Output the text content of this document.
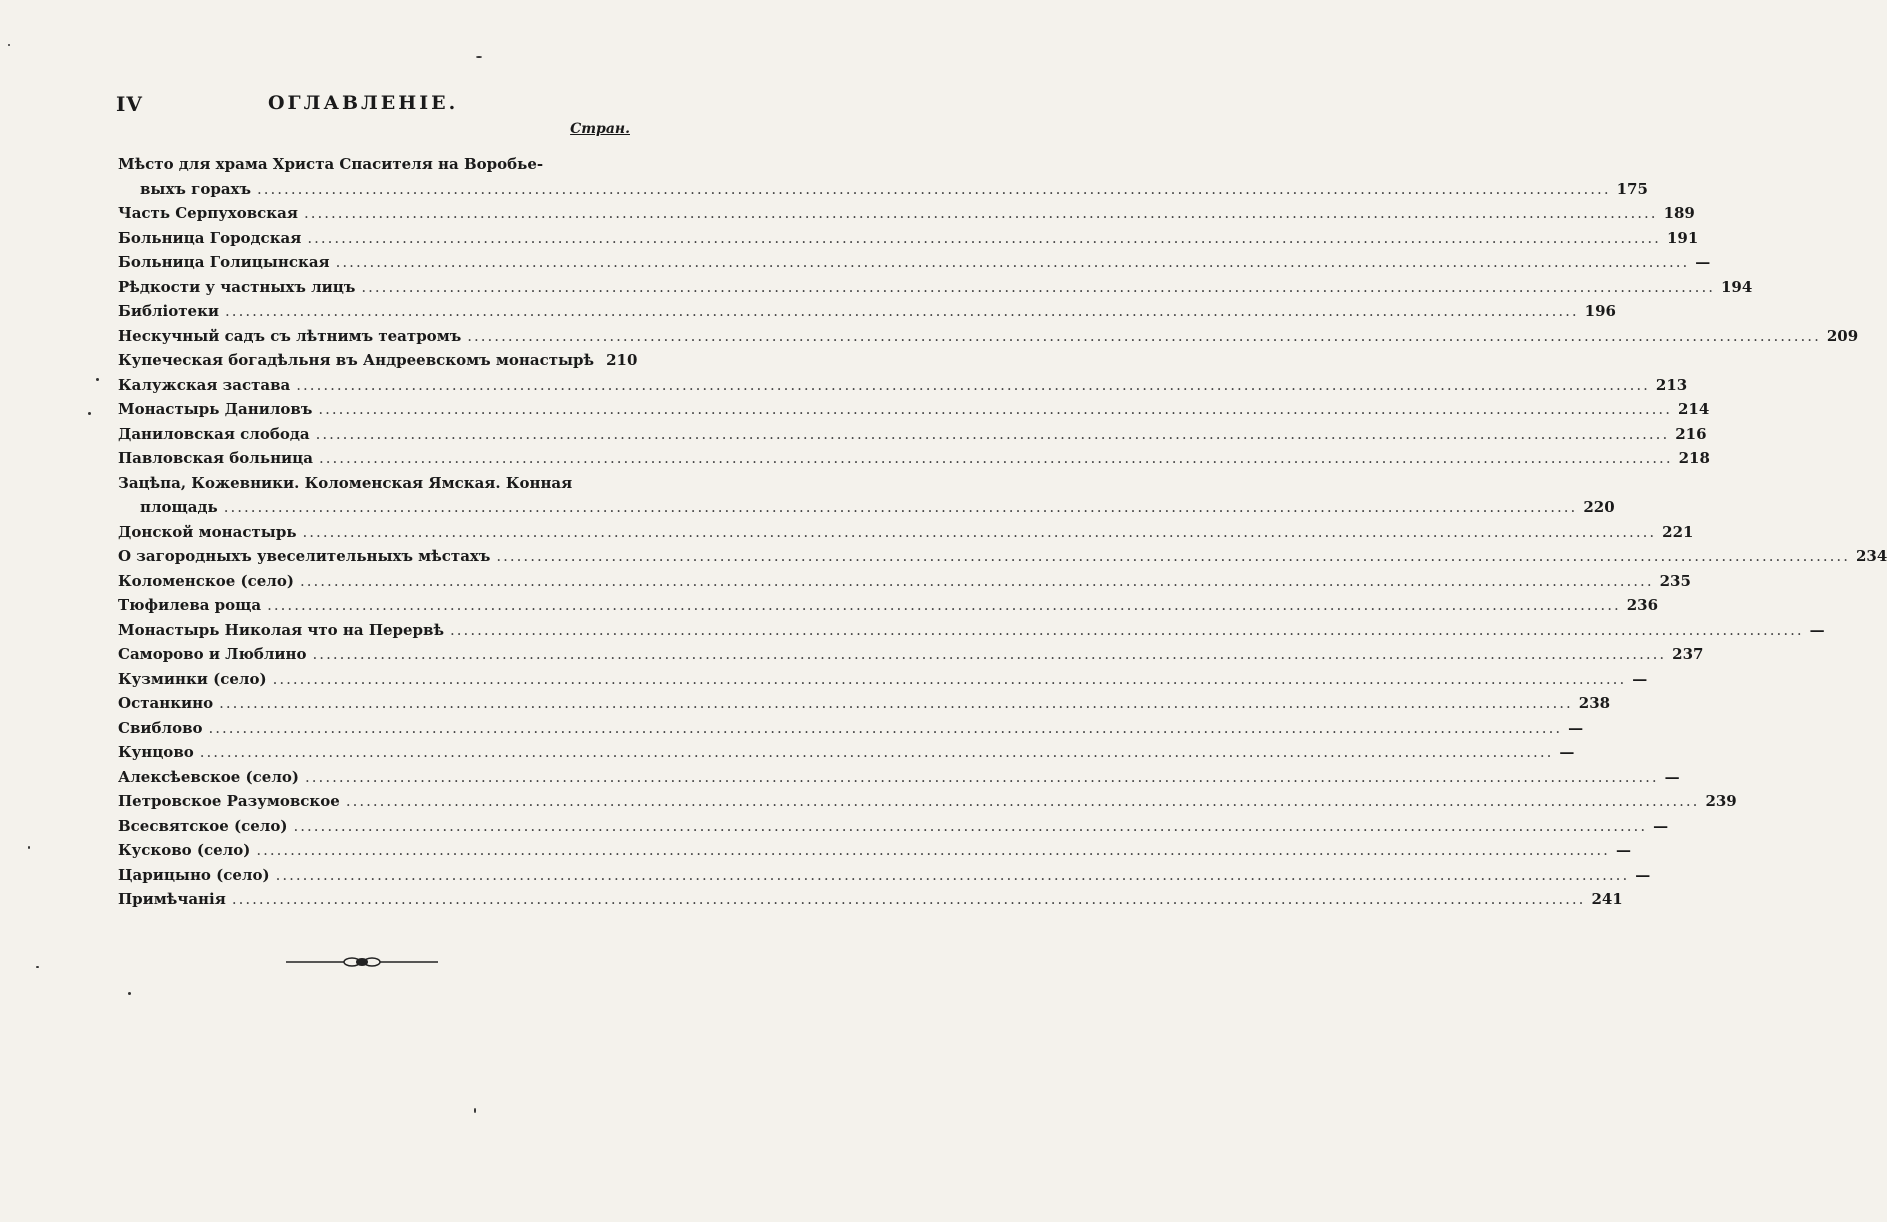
IV	ОГЛАВЛЕНІЕ.
Стран.
Мѣсто для храма Христа Спасителя на Воробье-
выхъ горахъ ........................................................................................................................................................................................................ 175
Часть Серпуховская ........................................................................................................................................................................................................ 189
Больница Городская ........................................................................................................................................................................................................ 191
Больница Голицынская ........................................................................................................................................................................................................ —
Рѣдкости у частныхъ лицъ ........................................................................................................................................................................................................ 194
Библіотеки ........................................................................................................................................................................................................ 196
Нескучный садъ съ лѣтнимъ театромъ ........................................................................................................................................................................................................ 209
Купеческая богадѣльня въ Андреевскомъ монастырѣ 210
Калужская застава ........................................................................................................................................................................................................ 213
Монастырь Даниловъ ........................................................................................................................................................................................................ 214
Даниловская слобода ........................................................................................................................................................................................................ 216
Павловская больница ........................................................................................................................................................................................................ 218
Зацѣпа, Кожевники. Коломенская Ямская. Конная
площадь ........................................................................................................................................................................................................ 220
Донской монастырь ........................................................................................................................................................................................................ 221
О загородныхъ увеселительныхъ мѣстахъ ........................................................................................................................................................................................................ 234
Коломенское (село) ........................................................................................................................................................................................................ 235
Тюфилева роща ........................................................................................................................................................................................................ 236
Монастырь Николая что на Перервѣ ........................................................................................................................................................................................................ —
Саморово и Люблино ........................................................................................................................................................................................................ 237
Кузминки (село) ........................................................................................................................................................................................................ —
Останкино ........................................................................................................................................................................................................ 238
Свиблово ........................................................................................................................................................................................................ —
Кунцово ........................................................................................................................................................................................................ —
Алексѣевское (село) ........................................................................................................................................................................................................ —
Петровское Разумовское ........................................................................................................................................................................................................ 239
Всесвятское (село) ........................................................................................................................................................................................................ —
Кусково (село) ........................................................................................................................................................................................................ —
Царицыно (село) ........................................................................................................................................................................................................ —
Примѣчанія ........................................................................................................................................................................................................ 241
